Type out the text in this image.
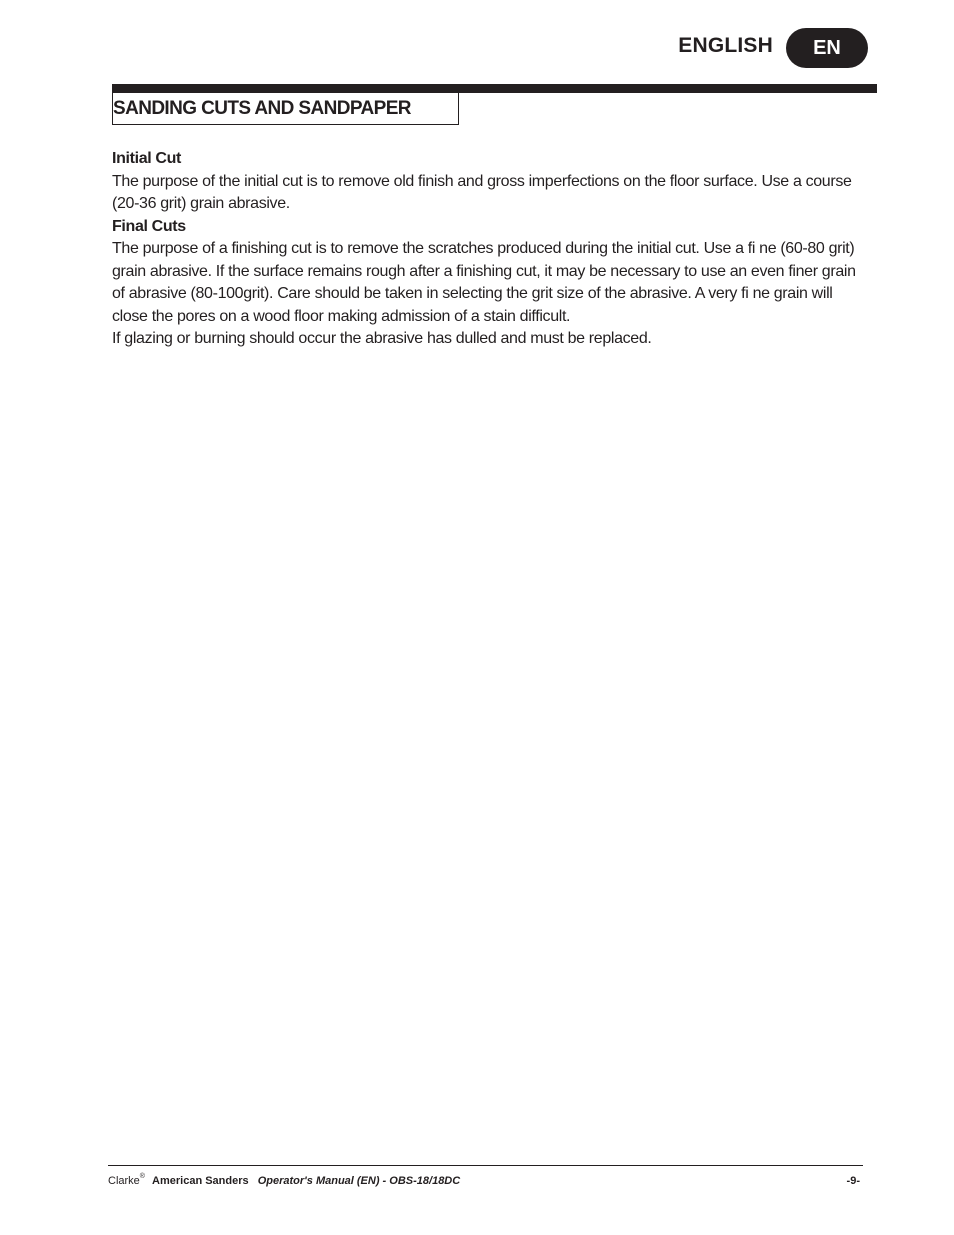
ENGLISH	EN
SANDING CUTS AND SANDPAPER
Initial Cut

The purpose of the initial cut is to remove old finish and gross imperfections on the floor surface. Use a course (20-36 grit) grain abrasive.

Final Cuts

The purpose of a finishing cut is to remove the scratches produced during the initial cut. Use a fi ne (60-80 grit) grain abrasive. If the surface remains rough after a finishing cut, it may be necessary to use an even finer grain of abrasive (80-100grit). Care should be taken in selecting the grit size of the abrasive. A very fi ne grain will close the pores on a wood floor making admission of a stain difficult.

If glazing or burning should occur the abrasive has dulled and must be replaced.

Clarke® American Sanders Operator's Manual (EN) - OBS-18/18DC	-9-
